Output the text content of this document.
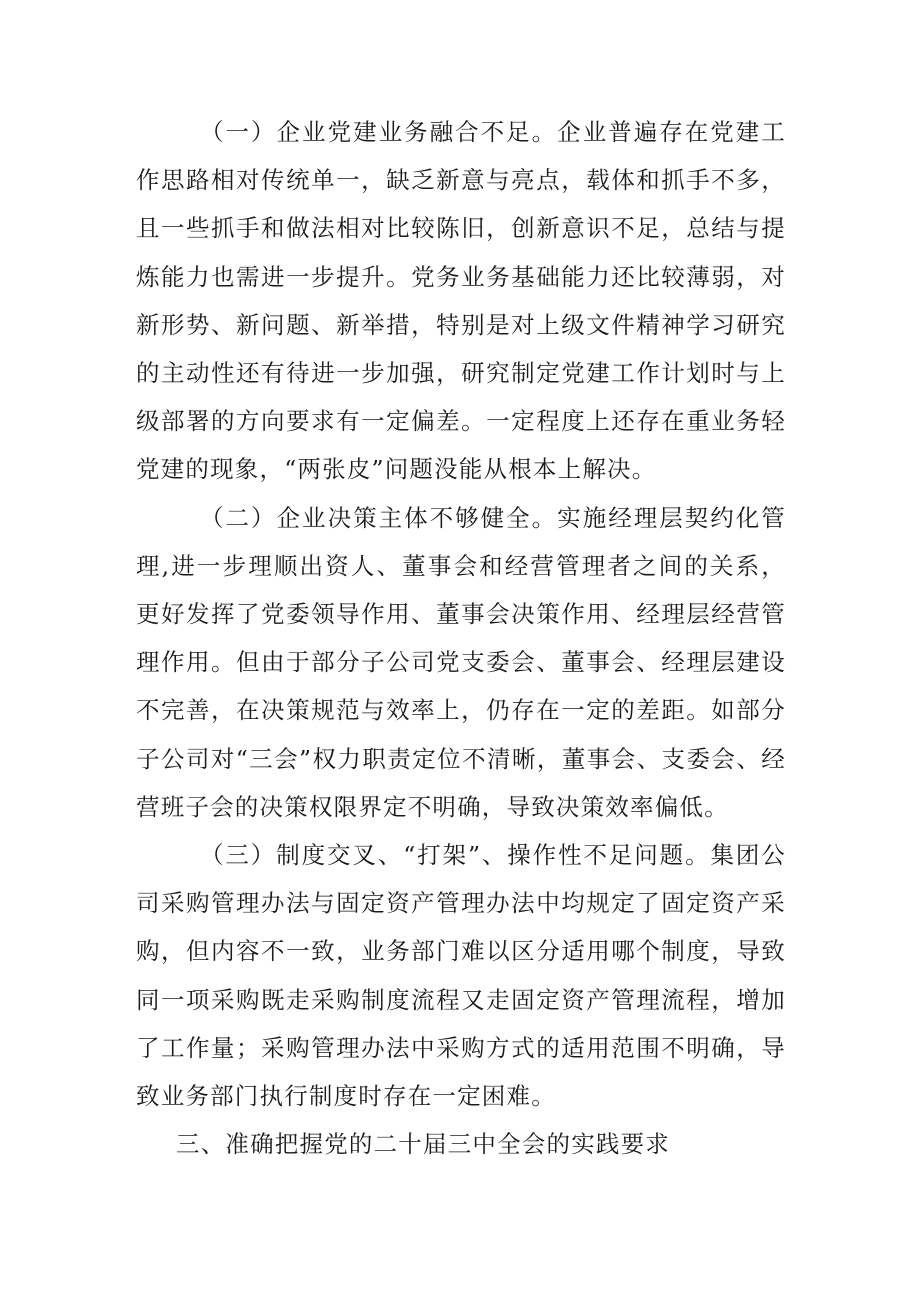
（一）企业党建业务融合不足。企业普遍存在党建工作思路相对传统单一，缺乏新意与亮点，载体和抓手不多，且一些抓手和做法相对比较陈旧，创新意识不足，总结与提炼能力也需进一步提升。党务业务基础能力还比较薄弱，对新形势、新问题、新举措，特别是对上级文件精神学习研究的主动性还有待进一步加强，研究制定党建工作计划时与上级部署的方向要求有一定偏差。一定程度上还存在重业务轻党建的现象，“两张皮”问题没能从根本上解决。

（二）企业决策主体不够健全。实施经理层契约化管理,进一步理顺出资人、董事会和经营管理者之间的关系，更好发挥了党委领导作用、董事会决策作用、经理层经营管理作用。但由于部分子公司党支委会、董事会、经理层建设不完善，在决策规范与效率上，仍存在一定的差距。如部分子公司对“三会”权力职责定位不清晰，董事会、支委会、经营班子会的决策权限界定不明确，导致决策效率偏低。

（三）制度交叉、“打架”、操作性不足问题。集团公司采购管理办法与固定资产管理办法中均规定了固定资产采购，但内容不一致，业务部门难以区分适用哪个制度，导致同一项采购既走采购制度流程又走固定资产管理流程，增加了工作量；采购管理办法中采购方式的适用范围不明确，导致业务部门执行制度时存在一定困难。

三、准确把握党的二十届三中全会的实践要求
